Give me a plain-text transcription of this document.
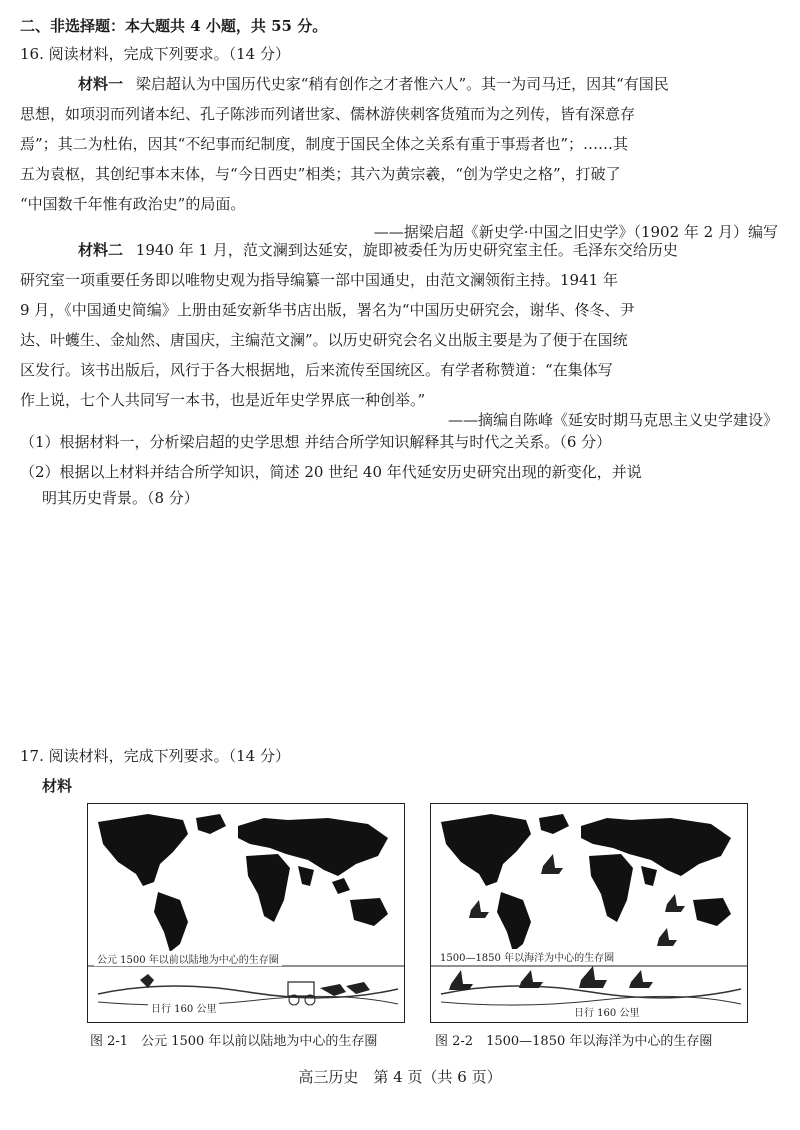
二、非选择题：本大题共 4 小题，共 55 分。
16. 阅读材料，完成下列要求。（14 分）
材料一 梁启超认为中国历代史家“稍有创作之才者惟六人”。其一为司马迁，因其“有国民
思想，如项羽而列诸本纪、孔子陈涉而列诸世家、儒林游侠刺客货殖而为之列传，皆有深意存
焉”；其二为杜佑，因其“不纪事而纪制度，制度于国民全体之关系有重于事焉者也”；……其
五为袁枢，其创纪事本末体，与“今日西史”相类；其六为黄宗羲，“创为学史之格”，打破了
“中国数千年惟有政治史”的局面。
——据梁启超《新史学·中国之旧史学》（1902 年 2 月）编写
材料二 1940 年 1 月，范文澜到达延安，旋即被委任为历史研究室主任。毛泽东交给历史
研究室一项重要任务即以唯物史观为指导编纂一部中国通史，由范文澜领衔主持。1941 年
9 月，《中国通史简编》上册由延安新华书店出版，署名为“中国历史研究会，谢华、佟冬、尹
达、叶蠖生、金灿然、唐国庆，主编范文澜”。以历史研究会名义出版主要是为了便于在国统
区发行。该书出版后，风行于各大根据地，后来流传至国统区。有学者称赞道：“在集体写
作上说，七个人共同写一本书，也是近年史学界底一种创举。”
——摘编自陈峰《延安时期马克思主义史学建设》
（1）根据材料一，分析梁启超的史学思想 并结合所学知识解释其与时代之关系。（6 分）
（2）根据以上材料并结合所学知识，简述 20 世纪 40 年代延安历史研究出现的新变化，并说
明其历史背景。（8 分）
17. 阅读材料，完成下列要求。（14 分）
材料
公元 1500 年以前以陆地为中心的生存圈
日行 160 公里
图 2-1　公元 1500 年以前以陆地为中心的生存圈
1500—1850 年以海洋为中心的生存圈
日行 160 公里
图 2-2　1500—1850 年以海洋为中心的生存圈
高三历史　第 4 页（共 6 页）
